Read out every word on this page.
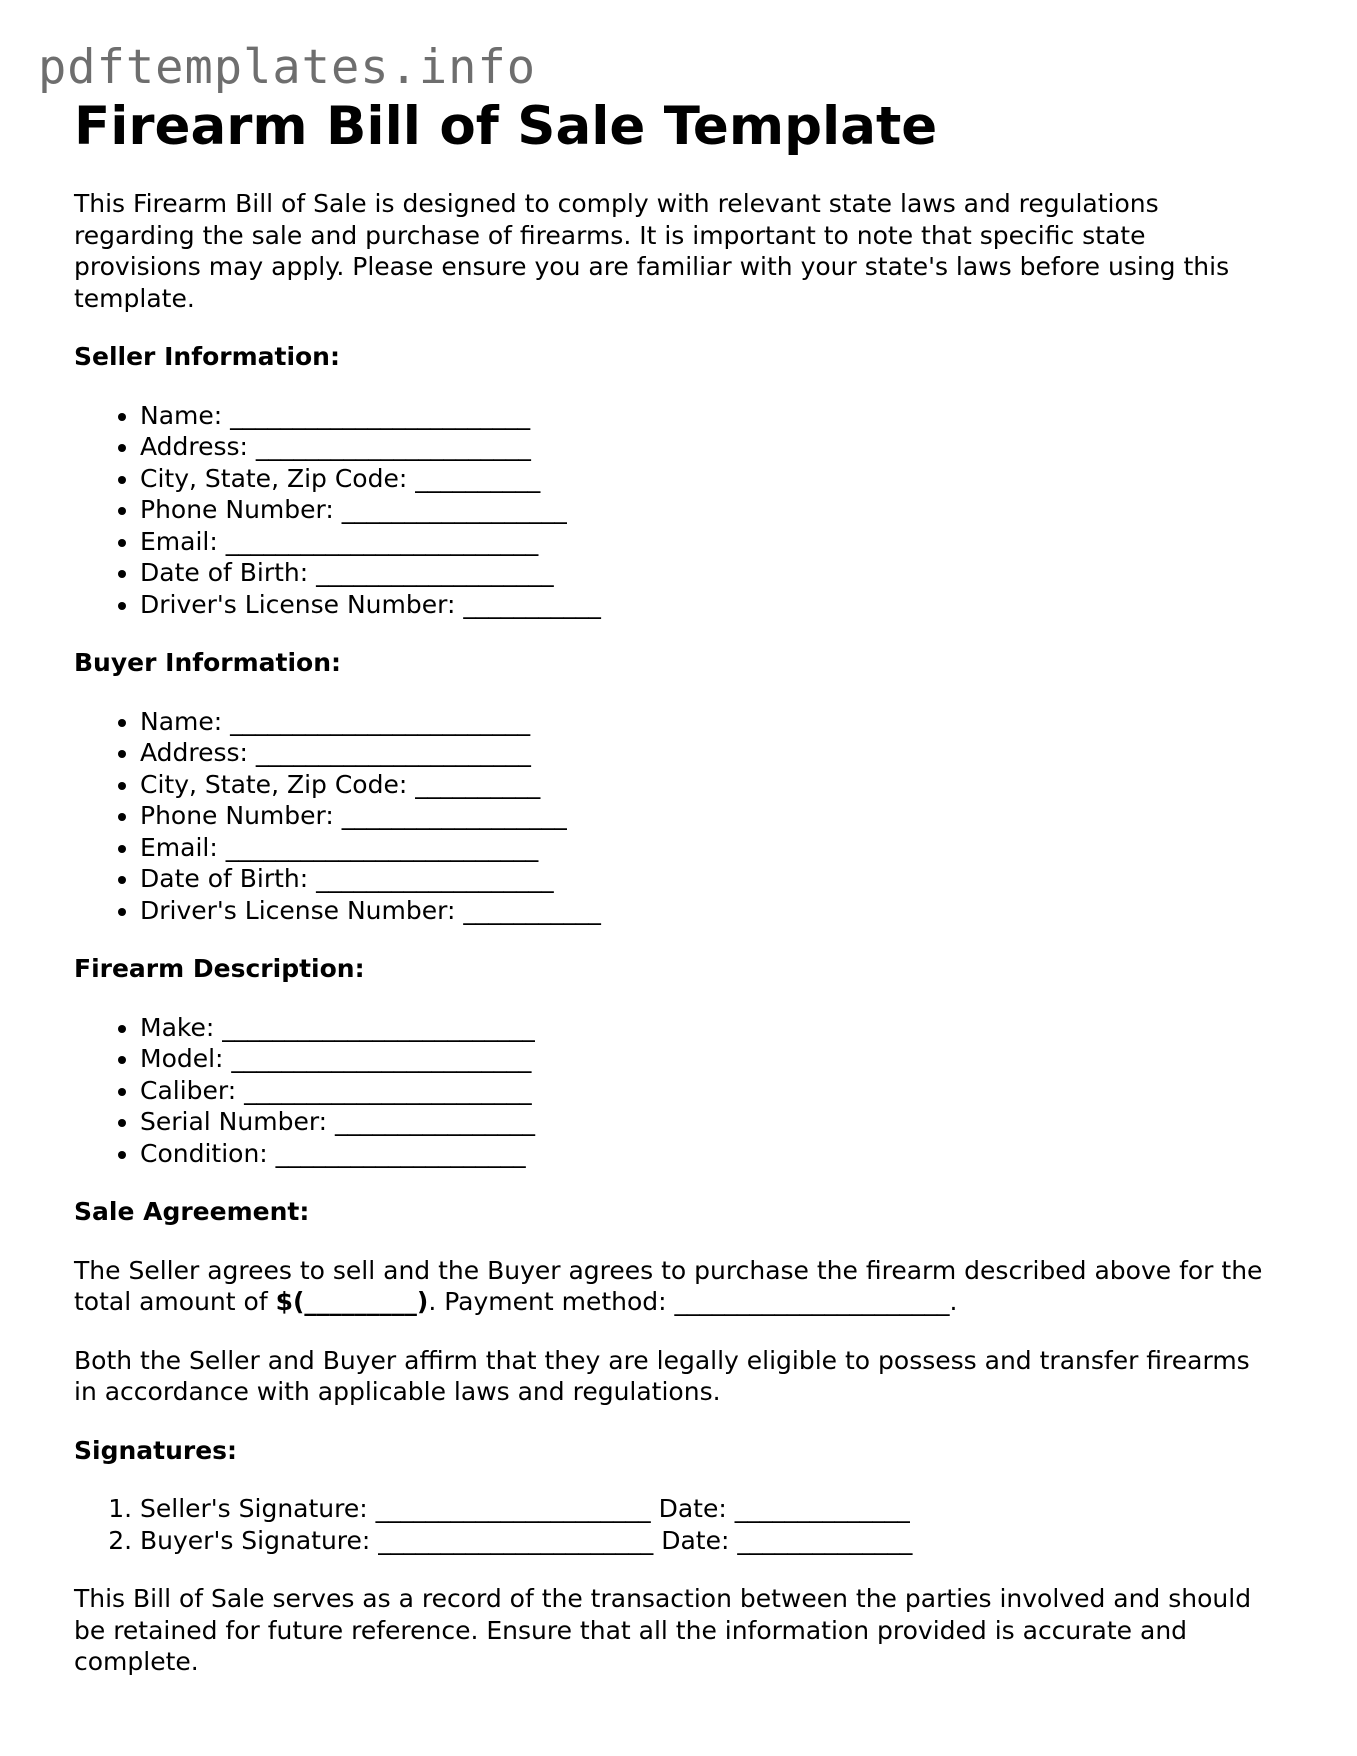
pdftemplates.info
Firearm Bill of Sale Template

This Firearm Bill of Sale is designed to comply with relevant state laws and regulations regarding the sale and purchase of firearms. It is important to note that specific state provisions may apply. Please ensure you are familiar with your state's laws before using this template.

Seller Information:
• Name: ________________________
• Address: ______________________
• City, State, Zip Code: __________
• Phone Number: __________________
• Email: _________________________
• Date of Birth: ___________________
• Driver's License Number: ___________
Buyer Information:
• Name: ________________________
• Address: ______________________
• City, State, Zip Code: __________
• Phone Number: __________________
• Email: _________________________
• Date of Birth: ___________________
• Driver's License Number: ___________
Firearm Description:
• Make: _________________________
• Model: ________________________
• Caliber: _______________________
• Serial Number: ________________
• Condition: ____________________
Sale Agreement:

The Seller agrees to sell and the Buyer agrees to purchase the firearm described above for the total amount of $(_________). Payment method: ______________________.

Both the Seller and Buyer affirm that they are legally eligible to possess and transfer firearms in accordance with applicable laws and regulations.

Signatures:
1. Seller's Signature: ______________________ Date: ______________
2. Buyer's Signature: ______________________ Date: ______________

This Bill of Sale serves as a record of the transaction between the parties involved and should be retained for future reference. Ensure that all the information provided is accurate and complete.
